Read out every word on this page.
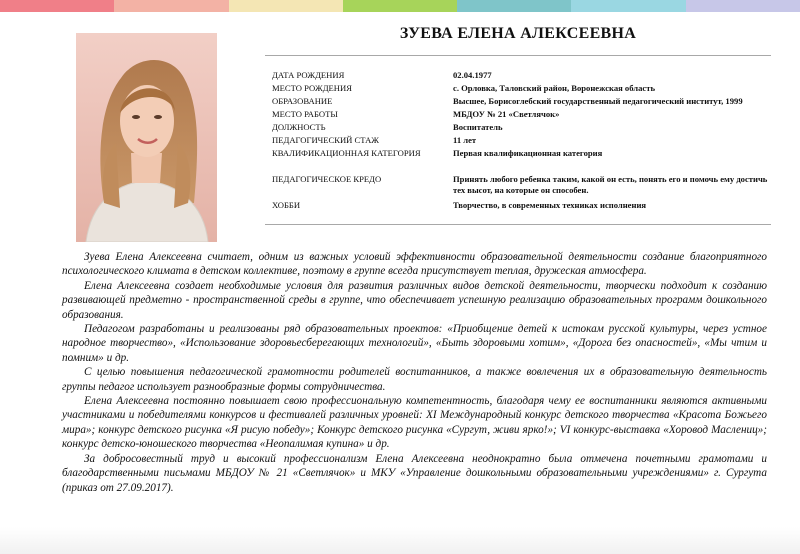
ЗУЕВА ЕЛЕНА АЛЕКСЕЕВНА
ДАТА РОЖДЕНИЯ	02.04.1977
МЕСТО РОЖДЕНИЯ	с. Орловка, Таловский район, Воронежская область
ОБРАЗОВАНИЕ	Высшее, Борисоглебский государственный педагогический институт, 1999
МЕСТО РАБОТЫ	МБДОУ № 21 «Светлячок»
ДОЛЖНОСТЬ	Воспитатель
ПЕДАГОГИЧЕСКИЙ СТАЖ	11 лет
КВАЛИФИКАЦИОННАЯ КАТЕГОРИЯ	Первая квалификационная категория
ПЕДАГОГИЧЕСКОЕ КРЕДО	Принять любого ребенка таким, какой он есть, понять его и помочь ему достичь тех высот, на которые он способен.
ХОББИ	Творчество, в современных техниках исполнения

Зуева Елена Алексеевна считает, одним из важных условий эффективности образовательной деятельности создание благоприятного психологического климата в детском коллективе, поэтому в группе всегда присутствует теплая, дружеская атмосфера.

Елена Алексеевна создает необходимые условия для развития различных видов детской деятельности, творчески подходит к созданию развивающей предметно - пространственной среды в группе, что обеспечивает успешную реализацию образовательных программ дошкольного образования.

Педагогом разработаны и реализованы ряд образовательных проектов: «Приобщение детей к истокам русской культуры, через устное народное творчество», «Использование здоровьесберегающих технологий», «Быть здоровыми хотим», «Дорога без опасностей», «Мы чтим и помним» и др.

С целью повышения педагогической грамотности родителей воспитанников, а также вовлечения их в образовательную деятельность группы педагог использует разнообразные формы сотрудничества.

Елена Алексеевна постоянно повышает свою профессиональную компетентность, благодаря чему ее воспитанники являются активными участниками и победителями конкурсов и фестивалей различных уровней: XI Международный конкурс детского творчества «Красота Божьего мира»; конкурс детского рисунка «Я рисую победу»; Конкурс детского рисунка «Сургут, живи ярко!»; VI конкурс-выставка «Хоровод Маслениц»; конкурс детско-юношеского творчества «Неопалимая купина» и др.

За добросовестный труд и высокий профессионализм Елена Алексеевна неоднократно была отмечена почетными грамотами и благодарственными письмами МБДОУ № 21 «Светлячок» и МКУ «Управление дошкольными образовательными учреждениями» г. Сургута (приказ от 27.09.2017).
